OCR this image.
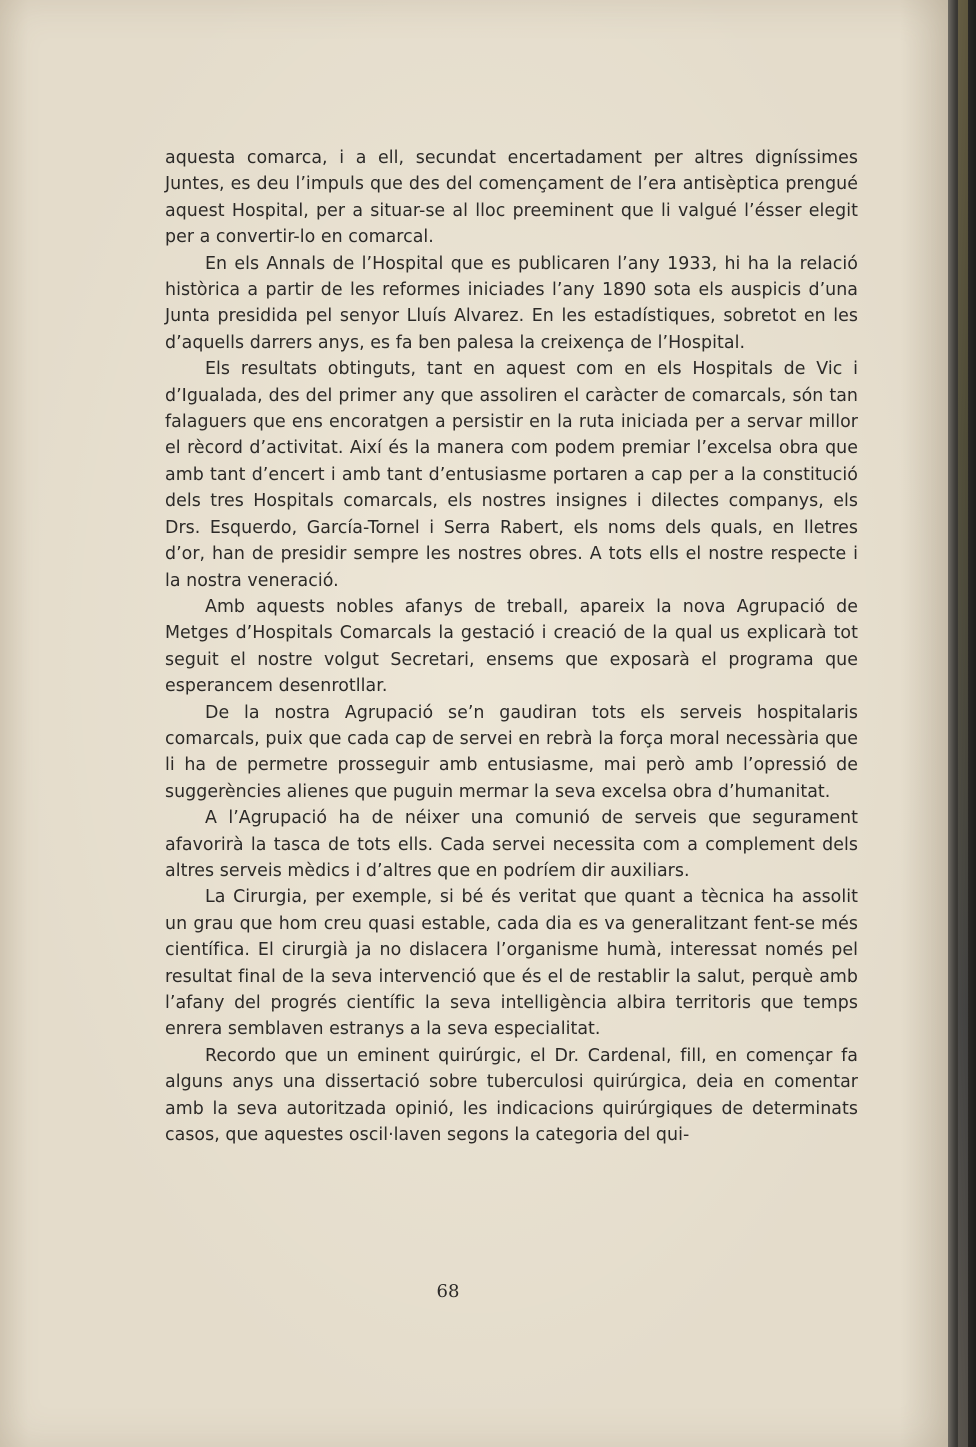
aquesta comarca, i a ell, secundat encertadament per altres digníssimes Juntes, es deu l’impuls que des del començament de l’era antisèptica prengué aquest Hospital, per a situar-se al lloc preeminent que li valgué l’ésser elegit per a convertir-lo en comarcal.

En els Annals de l’Hospital que es publicaren l’any 1933, hi ha la relació històrica a partir de les reformes iniciades l’any 1890 sota els auspicis d’una Junta presidida pel senyor Lluís Alvarez. En les estadístiques, sobretot en les d’aquells darrers anys, es fa ben palesa la creixença de l’Hospital.

Els resultats obtinguts, tant en aquest com en els Hospitals de Vic i d’Igualada, des del primer any que assoliren el caràcter de comarcals, són tan falaguers que ens encoratgen a persistir en la ruta iniciada per a servar millor el rècord d’activitat. Així és la manera com podem premiar l’excelsa obra que amb tant d’encert i amb tant d’entusiasme portaren a cap per a la constitució dels tres Hospitals comarcals, els nostres insignes i dilectes companys, els Drs. Esquerdo, García-Tornel i Serra Rabert, els noms dels quals, en lletres d’or, han de presidir sempre les nostres obres. A tots ells el nostre respecte i la nostra veneració.

Amb aquests nobles afanys de treball, apareix la nova Agrupació de Metges d’Hospitals Comarcals la gestació i creació de la qual us explicarà tot seguit el nostre volgut Secretari, ensems que exposarà el programa que esperancem desenrotllar.

De la nostra Agrupació se’n gaudiran tots els serveis hospitalaris comarcals, puix que cada cap de servei en rebrà la força moral necessària que li ha de permetre prosseguir amb entusiasme, mai però amb l’opressió de suggerències alienes que puguin mermar la seva excelsa obra d’humanitat.

A l’Agrupació ha de néixer una comunió de serveis que segurament afavorirà la tasca de tots ells. Cada servei necessita com a complement dels altres serveis mèdics i d’altres que en podríem dir auxiliars.

La Cirurgia, per exemple, si bé és veritat que quant a tècnica ha assolit un grau que hom creu quasi estable, cada dia es va generalitzant fent-se més científica. El cirurgià ja no dislacera l’organisme humà, interessat només pel resultat final de la seva intervenció que és el de restablir la salut, perquè amb l’afany del progrés científic la seva intelligència albira territoris que temps enrera semblaven estranys a la seva especialitat.

Recordo que un eminent quirúrgic, el Dr. Cardenal, fill, en començar fa alguns anys una dissertació sobre tuberculosi quirúrgica, deia en comentar amb la seva autoritzada opinió, les indicacions quirúrgiques de determinats casos, que aquestes oscil·laven segons la categoria del qui-

68
